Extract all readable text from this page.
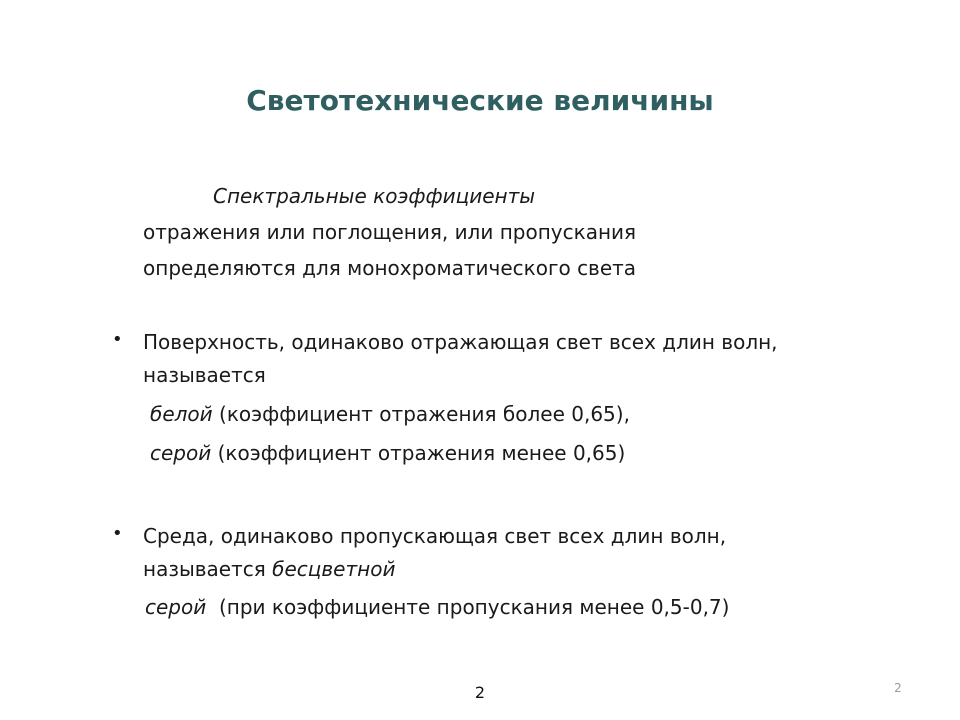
Светотехнические величины
Спектральные коэффициенты
отражения или поглощения, или пропускания
определяются для монохроматического света
• Поверхность, одинаково отражающая свет всех длин волн,
называется
белой (коэффициент отражения более 0,65),
серой (коэффициент отражения менее 0,65)
• Среда, одинаково пропускающая свет всех длин волн,
называется бесцветной
серой  (при коэффициенте пропускания менее 0,5-0,7)
2	2
